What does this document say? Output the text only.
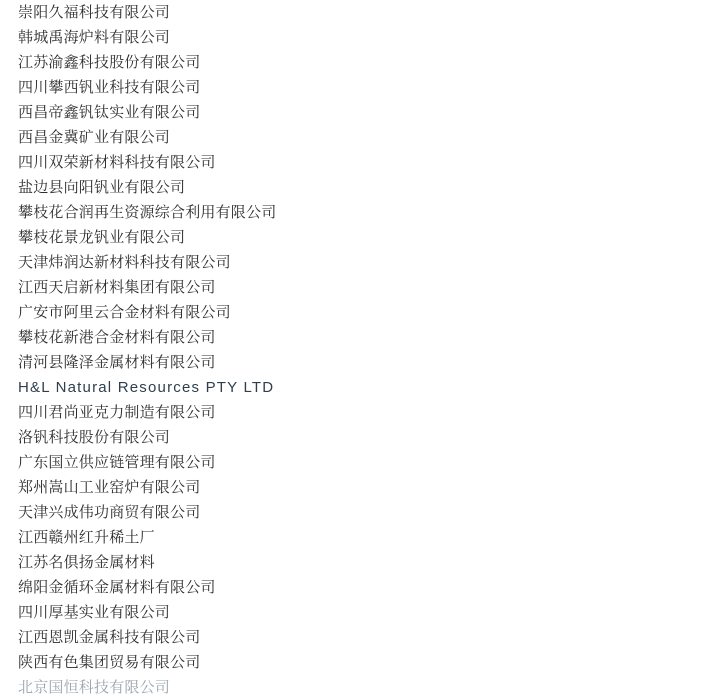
崇阳久福科技有限公司
韩城禹海炉料有限公司
江苏渝鑫科技股份有限公司
四川攀西钒业科技有限公司
西昌帝鑫钒钛实业有限公司
西昌金冀矿业有限公司
四川双荣新材料科技有限公司
盐边县向阳钒业有限公司
攀枝花合润再生资源综合利用有限公司
攀枝花景龙钒业有限公司
天津炜润达新材料科技有限公司
江西天启新材料集团有限公司
广安市阿里云合金材料有限公司
攀枝花新港合金材料有限公司
清河县隆泽金属材料有限公司
H&L Natural Resources PTY LTD
四川君尚亚克力制造有限公司
洛钒科技股份有限公司
广东国立供应链管理有限公司
郑州嵩山工业窑炉有限公司
天津兴成伟功商贸有限公司
江西赣州红升稀土厂
江苏名俱扬金属材料
绵阳金循环金属材料有限公司
四川厚基实业有限公司
江西恩凯金属科技有限公司
陕西有色集团贸易有限公司
北京国恒科技有限公司
